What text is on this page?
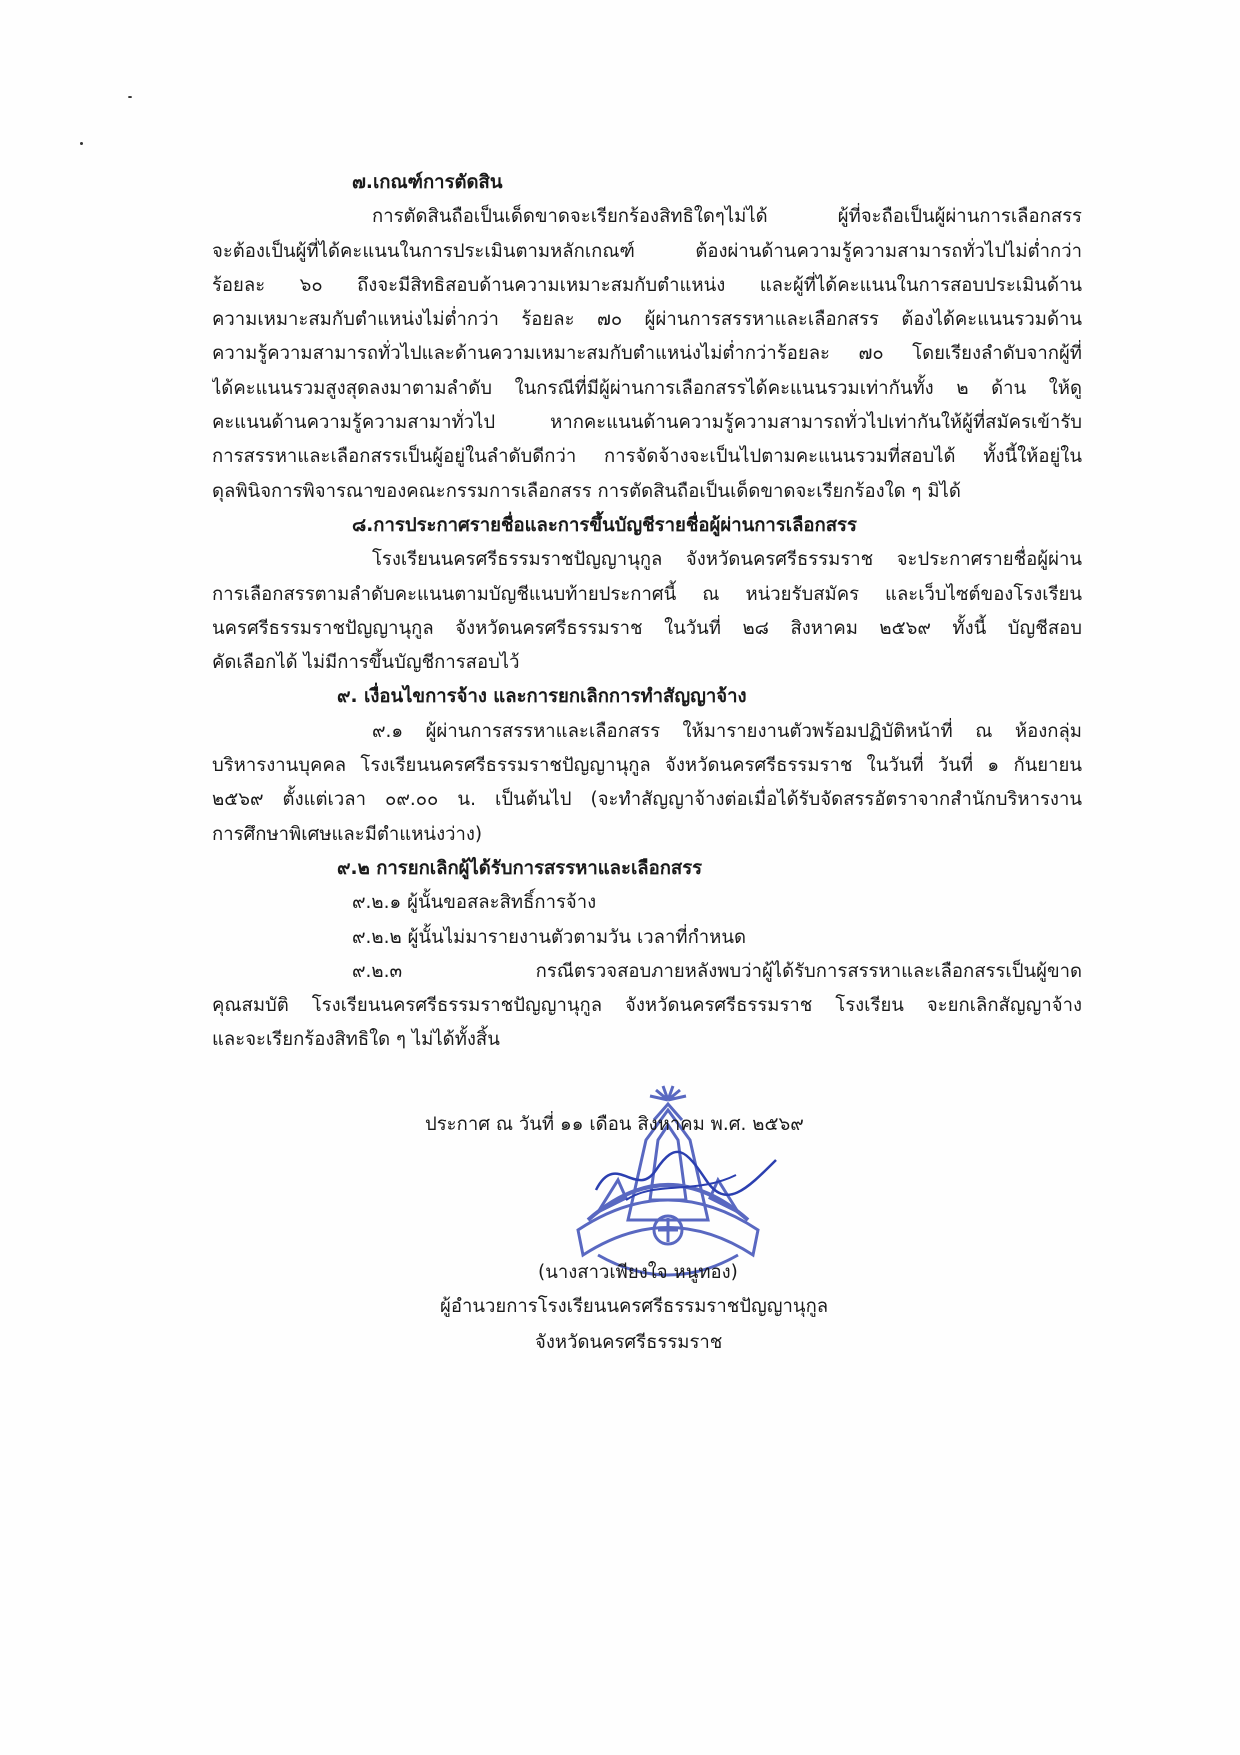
๗.เกณฑ์การตัดสิน
การตัดสินถือเป็นเด็ดขาดจะเรียกร้องสิทธิใดๆไม่ได้ ผู้ที่จะถือเป็นผู้ผ่านการเลือกสรร
จะต้องเป็นผู้ที่ได้คะแนนในการประเมินตามหลักเกณฑ์ ต้องผ่านด้านความรู้ความสามารถทั่วไปไม่ต่ำกว่า
ร้อยละ ๖๐ ถึงจะมีสิทธิสอบด้านความเหมาะสมกับตำแหน่ง และผู้ที่ได้คะแนนในการสอบประเมินด้าน
ความเหมาะสมกับตำแหน่งไม่ต่ำกว่า ร้อยละ ๗๐ ผู้ผ่านการสรรหาและเลือกสรร ต้องได้คะแนนรวมด้าน
ความรู้ความสามารถทั่วไปและด้านความเหมาะสมกับตำแหน่งไม่ต่ำกว่าร้อยละ ๗๐ โดยเรียงลำดับจากผู้ที่
ได้คะแนนรวมสูงสุดลงมาตามลำดับ ในกรณีที่มีผู้ผ่านการเลือกสรรได้คะแนนรวมเท่ากันทั้ง ๒ ด้าน ให้ดู
คะแนนด้านความรู้ความสามาทั่วไป หากคะแนนด้านความรู้ความสามารถทั่วไปเท่ากันให้ผู้ที่สมัครเข้ารับ
การสรรหาและเลือกสรรเป็นผู้อยู่ในลำดับดีกว่า การจัดจ้างจะเป็นไปตามคะแนนรวมที่สอบได้ ทั้งนี้ให้อยู่ใน
ดุลพินิจการพิจารณาของคณะกรรมการเลือกสรร การตัดสินถือเป็นเด็ดขาดจะเรียกร้องใด ๆ มิได้
๘.การประกาศรายชื่อและการขึ้นบัญชีรายชื่อผู้ผ่านการเลือกสรร
โรงเรียนนครศรีธรรมราชปัญญานุกูล จังหวัดนครศรีธรรมราช จะประกาศรายชื่อผู้ผ่าน
การเลือกสรรตามลำดับคะแนนตามบัญชีแนบท้ายประกาศนี้ ณ หน่วยรับสมัคร และเว็บไซต์ของโรงเรียน
นครศรีธรรมราชปัญญานุกูล จังหวัดนครศรีธรรมราช ในวันที่ ๒๘ สิงหาคม ๒๕๖๙ ทั้งนี้ บัญชีสอบ
คัดเลือกได้ ไม่มีการขึ้นบัญชีการสอบไว้
๙. เงื่อนไขการจ้าง และการยกเลิกการทำสัญญาจ้าง
๙.๑ ผู้ผ่านการสรรหาและเลือกสรร ให้มารายงานตัวพร้อมปฏิบัติหน้าที่ ณ ห้องกลุ่ม
บริหารงานบุคคล โรงเรียนนครศรีธรรมราชปัญญานุกูล จังหวัดนครศรีธรรมราช ในวันที่ วันที่ ๑ กันยายน
๒๕๖๙ ตั้งแต่เวลา ๐๙.๐๐ น. เป็นต้นไป (จะทำสัญญาจ้างต่อเมื่อได้รับจัดสรรอัตราจากสำนักบริหารงาน
การศึกษาพิเศษและมีตำแหน่งว่าง)
๙.๒ การยกเลิกผู้ได้รับการสรรหาและเลือกสรร
๙.๒.๑ ผู้นั้นขอสละสิทธิ์การจ้าง
๙.๒.๒ ผู้นั้นไม่มารายงานตัวตามวัน เวลาที่กำหนด
๙.๒.๓ กรณีตรวจสอบภายหลังพบว่าผู้ได้รับการสรรหาและเลือกสรรเป็นผู้ขาด
คุณสมบัติ โรงเรียนนครศรีธรรมราชปัญญานุกูล จังหวัดนครศรีธรรมราช โรงเรียน จะยกเลิกสัญญาจ้าง
และจะเรียกร้องสิทธิใด ๆ ไม่ได้ทั้งสิ้น
ประกาศ ณ วันที่ ๑๑ เดือน สิงหาคม พ.ศ. ๒๕๖๙
(นางสาวเพียงใจ หนูทอง)
ผู้อำนวยการโรงเรียนนครศรีธรรมราชปัญญานุกูล
จังหวัดนครศรีธรรมราช
